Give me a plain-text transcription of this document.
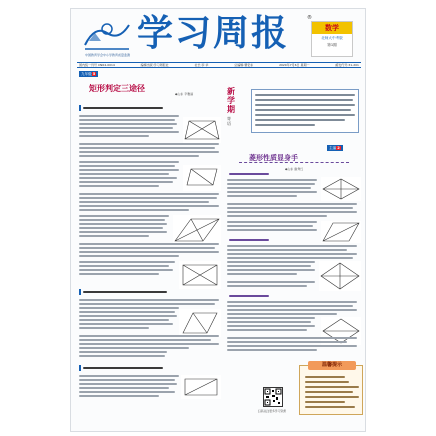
中国教育学会中小学教育质量监测
学习周报	®
数学
北师大中考版
第1期
国内统一刊号 CN64-0014	编辑出版:学习周报社	社长:李 华	总编辑:曹宏东	2020年7月6日 星期一	邮发代号:31-201
九年级5
矩形判定三途径
◆山东 辛雅丽	新学期
寄语
主编2
菱形性质显身手
◆山东 谢秀红
扫码关注更多学习资源
温馨提示
